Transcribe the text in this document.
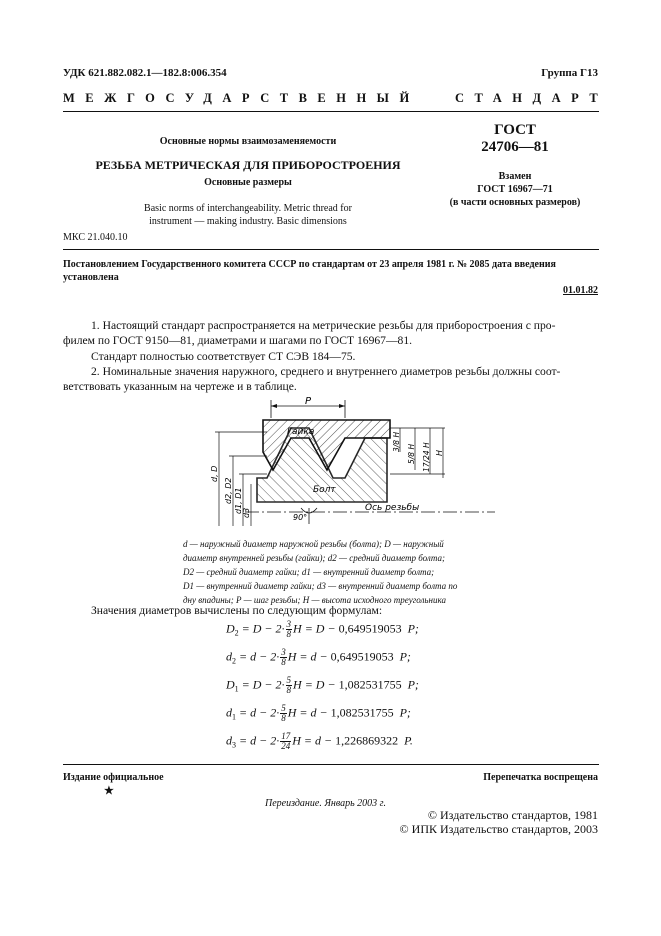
УДК 621.882.082.1—182.8:006.354	Группа Г13
МЕЖГОСУДАРСТВЕННЫЙ	СТАНДАРТ
Основные нормы взаимозаменяемости
РЕЗЬБА МЕТРИЧЕСКАЯ ДЛЯ ПРИБОРОСТРОЕНИЯ
Основные размеры
Basic norms of interchangeability. Metric thread for
instrument — making industry. Basic dimensions
МКС 21.040.10
ГОСТ
24706—81
Взамен
ГОСТ 16967—71
(в части основных размеров)
Постановлением Государственного комитета СССР по стандартам от 23 апреля 1981 г. № 2085 дата введения
установлена
01.01.82
1. Настоящий стандарт распространяется на метрические резьбы для приборостроения с про-
филем по ГОСТ 9150—81, диаметрами и шагами по ГОСТ 16967—81.
Стандарт полностью соответствует СТ СЭВ 184—75.
2. Номинальные значения наружного, среднего и внутреннего диаметров резьбы должны соот-
ветствовать указанным на чертеже и в таблице.
P
Гайка
Болт
3/8 H
5/8 H 17/24 H H
d, D
d2, D2 d1, D1 d3	Ось резьбы
90°
d — наружный диаметр наружной резьбы (болта); D — наружный
диаметр внутренней резьбы (гайки); d2 — средний диаметр болта;
D2 — средний диаметр гайки; d1 — внутренний диаметр болта;
D1 — внутренний диаметр гайки; d3 — внутренний диаметр болта по
дну впадины; P — шаг резьбы; H — высота исходного треугольника
Значения диаметров вычислены по следующим формулам:
$D_2 = D - 2\cdot \frac{3}{8}$ H = D − 0,649519053  P;
$d_2 = d - 2\cdot \frac{3}{8}$ H = d − 0,649519053  P;
$D_1 = D - 2\cdot \frac{5}{8}$ H = D − 1,082531755  P;
$d_1 = d - 2\cdot \frac{5}{8}$ H = d − 1,082531755  P;
$d_3 = d - 2\cdot \frac{17}{24}$ H = d − 1,226869322  P.
Издание официальное
★
Перепечатка воспрещена
Переиздание. Январь 2003 г.
© Издательство стандартов, 1981
© ИПК Издательство стандартов, 2003
